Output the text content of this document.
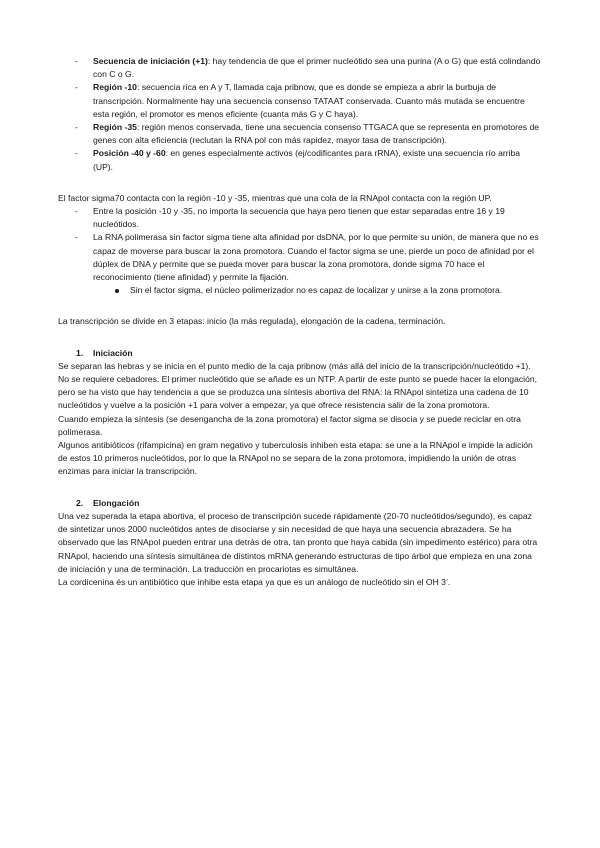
- Secuencia de iniciación (+1): hay tendencia de que el primer nucleótido sea una purina (A o G) que está colindando con C o G.
- Región -10: secuencia rica en A y T, llamada caja pribnow, que es donde se empieza a abrir la burbuja de transcripción. Normalmente hay una secuencia consenso TATAAT conservada. Cuanto más mutada se encuentre esta región, el promotor es menos eficiente (cuanta más G y C haya).
- Región -35: región menos conservada, tiene una secuencia consenso TTGACA que se representa en promotores de genes con alta eficiencia (reclutan la RNA pol con más rapidez, mayor tasa de transcripción).
- Posición -40 y -60: en genes especialmente activos (ej/codificantes para rRNA), existe una secuencia río arriba (UP).

El factor sigma70 contacta con la región -10 y -35, mientras que una cola de la RNApol contacta con la región UP.

- Entre la posición -10 y -35, no importa la secuencia que haya pero tienen que estar separadas entre 16 y 19 nucleótidos.
- La RNA polimerasa sin factor sigma tiene alta afinidad por dsDNA, por lo que permite su unión, de manera que no es capaz de moverse para buscar la zona promotora. Cuando el factor sigma se une, pierde un poco de afinidad por el dúplex de DNA y permite que se pueda mover para buscar la zona promotora, donde sigma 70 hace el reconocimiento (tiene afinidad) y permite la fijación.
Sin el factor sigma, el núcleo polimerizador no es capaz de localizar y unirse a la zona promotora.

La transcripción se divide en 3 etapas: inicio (la más regulada), elongación de la cadena, terminación.

1. Iniciación

Se separan las hebras y se inicia en el punto medio de la caja pribnow (más allá del inicio de la transcripción/nucleótido +1). No se requiere cebadores. El primer nucleótido que se añade es un NTP. A partir de este punto se puede hacer la elongación, pero se ha visto que hay tendencia a que se produzca una síntesis abortiva del RNA: la RNApol sintetiza una cadena de 10 nucleótidos y vuelve a la posición +1 para volver a empezar, ya que ofrece resistencia salir de la zona promotora.

Cuando empieza la síntesis (se desengancha de la zona promotora) el factor sigma se disocia y se puede reciclar en otra polimerasa.

Algunos antibióticos (rifampicina) en gram negativo y tuberculosis inhiben esta etapa: se une a la RNApol e impide la adición de estos 10 primeros nucleótidos, por lo que la RNApol no se separa de la zona protomora, impidiendo la unión de otras enzimas para iniciar la transcripción.

2. Elongación

Una vez superada la etapa abortiva, el proceso de transcripción sucede rápidamente (20-70 nucleótidos/segundo), es capaz de sintetizar unos 2000 nucleótidos antes de disociarse y sin necesidad de que haya una secuencia abrazadera. Se ha observado que las RNApol pueden entrar una detrás de otra, tan pronto que haya cabida (sin impedimento estérico) para otra RNApol, haciendo una síntesis simultánea de distintos mRNA generando estructuras de tipo árbol que empieza en una zona de iniciación y una de terminación. La traducción en procariotas es simultánea.

La cordicenina és un antibiótico que inhibe esta etapa ya que es un análogo de nucleótido sin el OH 3’.
